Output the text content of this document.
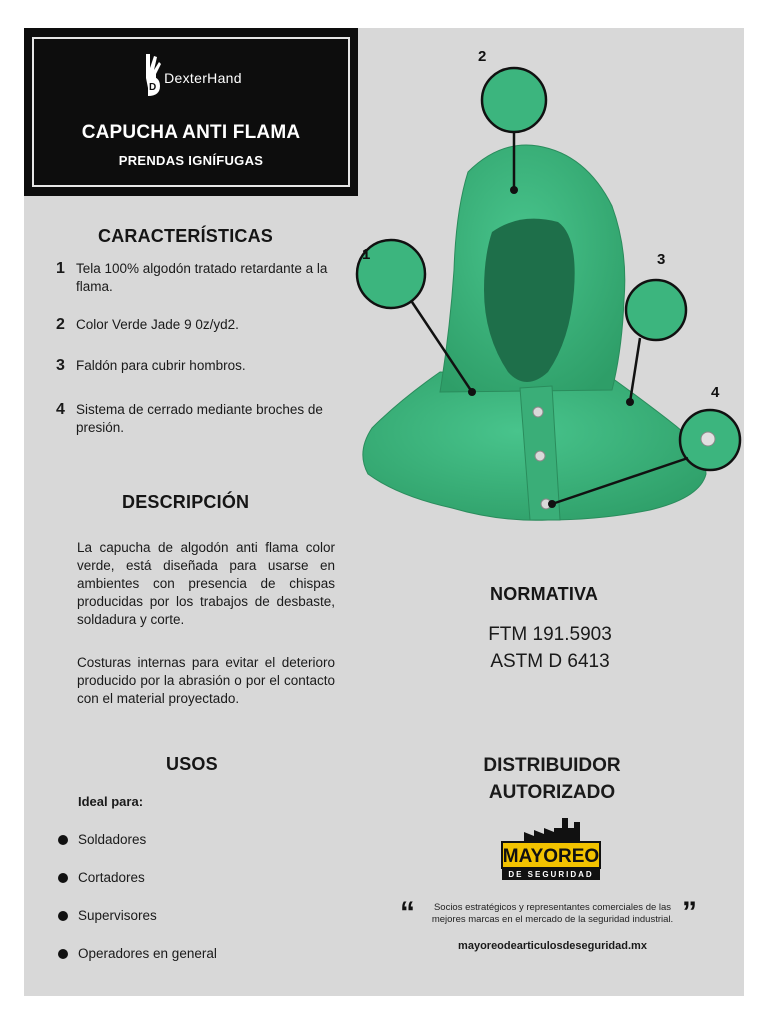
D
DexterHand
CAPUCHA ANTI FLAMA
PRENDAS IGNÍFUGAS
CARACTERÍSTICAS
1 Tela 100% algodón tratado retardante a la flama.
2 Color Verde Jade 9 0z/yd2.
3 Faldón para cubrir hombros.
4 Sistema de cerrado mediante broches de presión.
DESCRIPCIÓN
La capucha de algodón anti flama color verde, está diseñada para usarse en ambientes con presencia de chispas producidas por los trabajos de desbaste, soldadura y corte.
Costuras internas para evitar el deterioro producido por la abrasión o por el contacto con el material proyectado.
USOS
Ideal para:
Soldadores
Cortadores
Supervisores
Operadores en general
2
1	3
4
NORMATIVA
FTM 191.5903
ASTM D 6413
DISTRIBUIDOR
AUTORIZADO
MAYOREO
DE SEGURIDAD
“	Socios estratégicos y representantes comerciales de las mejores marcas en el mercado de la seguridad industrial. ”
mayoreodearticulosdeseguridad.mx
